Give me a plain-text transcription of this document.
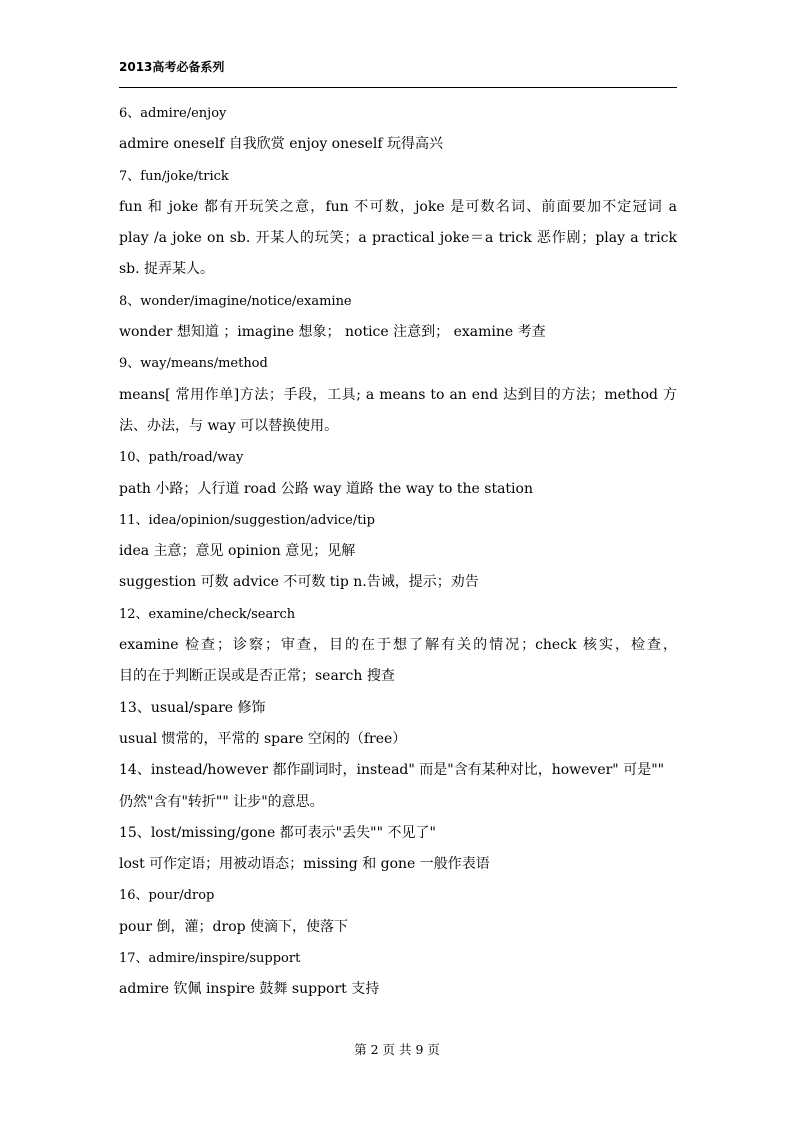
2013高考必备系列
6、admire/enjoy
admire oneself 自我欣赏 enjoy oneself 玩得高兴
7、fun/joke/trick
fun 和 joke 都有开玩笑之意，fun 不可数，joke 是可数名词、前面要加不定冠词 a
play /a joke on sb. 开某人的玩笑；a practical joke＝a trick 恶作剧；play a trick
sb. 捉弄某人。
8、wonder/imagine/notice/examine
wonder 想知道 ；imagine 想象； notice 注意到； examine 考查
9、way/means/method
means[ 常用作单]方法；手段，工具; a means to an end 达到目的方法；method 方
法、办法，与 way 可以替换使用。
10、path/road/way
path 小路；人行道 road 公路 way 道路 the way to the station
11、idea/opinion/suggestion/advice/tip
idea 主意；意见 opinion 意见；见解
suggestion 可数 advice 不可数 tip n.告诫，提示；劝告
12、examine/check/search
examine 检查；诊察；审查，目的在于想了解有关的情况；check 核实，检查，
目的在于判断正误或是否正常；search 搜查
13、usual/spare 修饰
usual 惯常的，平常的 spare 空闲的（free）
14、instead/however 都作副词时，instead" 而是"含有某种对比，however" 可是""
仍然"含有"转折"" 让步"的意思。
15、lost/missing/gone 都可表示"丢失"" 不见了"
lost 可作定语；用被动语态；missing 和 gone 一般作表语
16、pour/drop
pour 倒，灌；drop 使滴下，使落下
17、admire/inspire/support
admire 钦佩 inspire 鼓舞 support 支持
第 2 页 共 9 页
